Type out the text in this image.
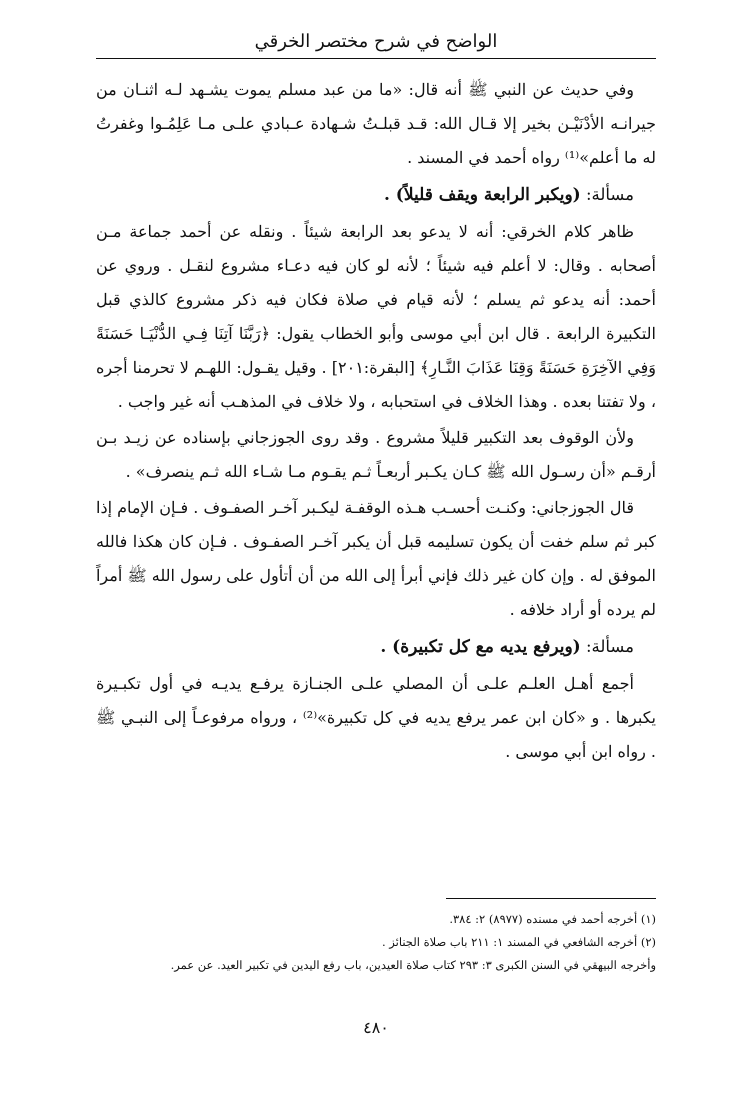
الواضح في شرح مختصر الخرقي

وفي حديث عن النبي ﷺ أنه قال: «ما من عبد مسلم يموت يشـهد لـه اثنـان من جيرانـه الأدْنَيْـن بخير إلا قـال الله: قـد قبلـتُ شـهادة عـبادي علـى مـا عَلِمُـوا وغفرتُ له ما أعلم»⁽¹⁾ رواه أحمد في المسند .

مسألة: (ويكبر الرابعة ويقف قليلاً) .

ظاهر كلام الخرقي: أنه لا يدعو بعد الرابعة شيئاً . ونقله عن أحمد جماعة مـن أصحابه . وقال: لا أعلم فيه شيئاً ؛ لأنه لو كان فيه دعـاء مشروع لنقـل . وروي عن أحمد: أنه يدعو ثم يسلم ؛ لأنه قيام في صلاة فكان فيه ذكر مشروع كالذي قبل التكبيرة الرابعة . قال ابن أبي موسى وأبو الخطاب يقول: ﴿رَبَّنَا آتِنَا فِـي الدُّنْيَـا حَسَنَةً وَفِي الآخِرَةِ حَسَنَةً وَقِنَا عَذَابَ النَّـارِ﴾ [البقرة:٢٠١] . وقيل يقـول: اللهـم لا تحرمنا أجره ، ولا تفتنا بعده . وهذا الخلاف في استحبابه ، ولا خلاف في المذهـب أنه غير واجب .

ولأن الوقوف بعد التكبير قليلاً مشروع . وقد روى الجوزجاني بإسناده عن زيـد بـن أرقـم «أن رسـول الله ﷺ كـان يكـبر أربعـاً ثـم يقـوم مـا شـاء الله ثـم ينصرف» .

قال الجوزجاني: وكنـت أحسـب هـذه الوقفـة ليكـبر آخـر الصفـوف . فـإن الإمام إذا كبر ثم سلم خفت أن يكون تسليمه قبل أن يكبر آخـر الصفـوف . فـإن كان هكذا فالله الموفق له . وإن كان غير ذلك فإني أبرأ إلى الله من أن أتأول على رسول الله ﷺ أمراً لم يرده أو أراد خلافه .

مسألة: (ويرفع يديه مع كل تكبيرة) .

أجمع أهـل العلـم علـى أن المصلي علـى الجنـازة يرفـع يديـه في أول تكبـيرة يكبرها . و «كان ابن عمر يرفع يديه في كل تكبيرة»⁽²⁾ ، ورواه مرفوعـاً إلى النبـي ﷺ . رواه ابن أبي موسى .

(١) أخرجه أحمد في مسنده (٨٩٧٧) ٢: ٣٨٤.

(٢) أخرجه الشافعي في المسند ١: ٢١١ باب صلاة الجنائز .

وأخرجه البيهقي في السنن الكبرى ٣: ٢٩٣ كتاب صلاة العيدين، باب رفع اليدين في تكبير العيد. عن عمر.

٤٨٠
